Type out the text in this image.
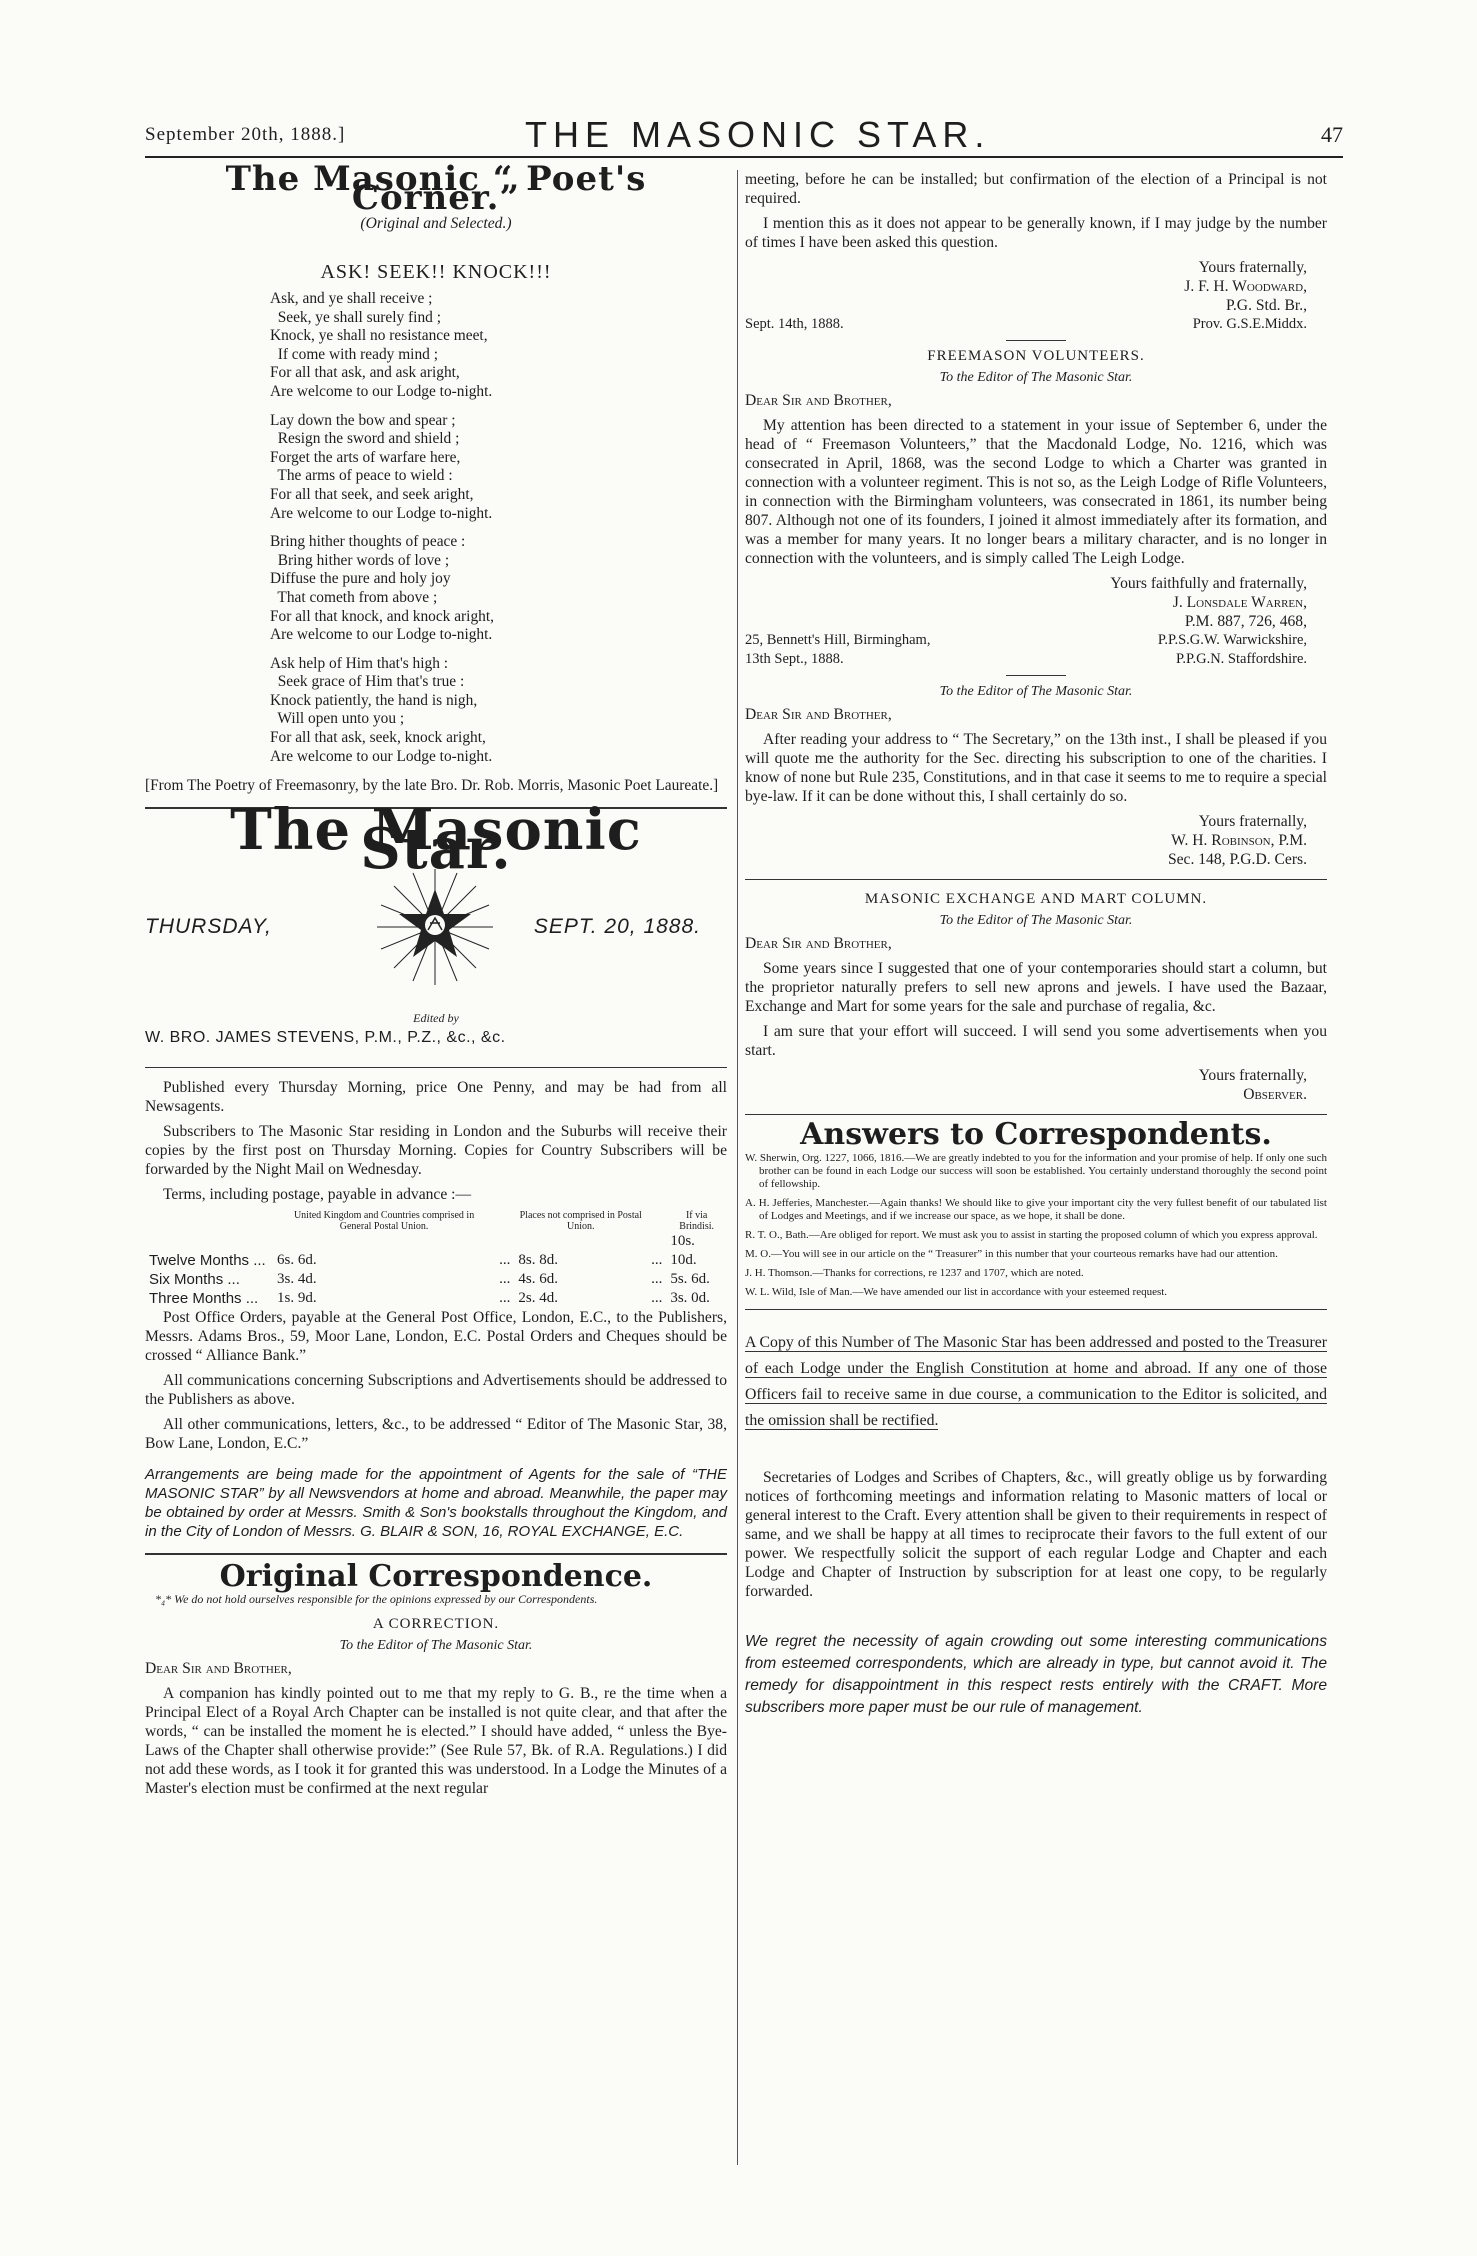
September 20th, 1888.]	THE MASONIC STAR.	47
The Masonic “ Poet's Corner.”
(Original and Selected.)
ASK! SEEK!! KNOCK!!!
Ask, and ye shall receive ;
Seek, ye shall surely find ;
Knock, ye shall no resistance meet,
If come with ready mind ;
For all that ask, and ask aright,
Are welcome to our Lodge to-night.
Lay down the bow and spear ;
Resign the sword and shield ;
Forget the arts of warfare here,
The arms of peace to wield :
For all that seek, and seek aright,
Are welcome to our Lodge to-night.
Bring hither thoughts of peace :
Bring hither words of love ;
Diffuse the pure and holy joy
That cometh from above ;
For all that knock, and knock aright,
Are welcome to our Lodge to-night.
Ask help of Him that's high :
Seek grace of Him that's true :
Knock patiently, the hand is nigh,
Will open unto you ;
For all that ask, seek, knock aright,
Are welcome to our Lodge to-night.

[From The Poetry of Freemasonry, by the late Bro. Dr. Rob. Morris, Masonic Poet Laureate.]

The Masonic Star.
THURSDAY,	SEPT. 20, 1888.
Edited by
W. BRO. JAMES STEVENS, P.M., P.Z., &c., &c.

Published every Thursday Morning, price One Penny, and may be had from all Newsagents.

Subscribers to The Masonic Star residing in London and the Suburbs will receive their copies by the first post on Thursday Morning. Copies for Country Subscribers will be forwarded by the Night Mail on Wednesday.

Terms, including postage, payable in advance :—

	United Kingdom and Countries comprised in General Postal Union.		Places not comprised in Postal Union.		If via Brindisi.
Twelve Months ...	6s. 6d.	...	8s. 8d.	...	10s. 10d.
Six Months ...	3s. 4d.	...	4s. 6d.	...	5s. 6d.
Three Months ...	1s. 9d.	...	2s. 4d.	...	3s. 0d.

Post Office Orders, payable at the General Post Office, London, E.C., to the Publishers, Messrs. Adams Bros., 59, Moor Lane, London, E.C. Postal Orders and Cheques should be crossed “ Alliance Bank.”

All communications concerning Subscriptions and Advertisements should be addressed to the Publishers as above.

All other communications, letters, &c., to be addressed “ Editor of The Masonic Star, 38, Bow Lane, London, E.C.”

Arrangements are being made for the appointment of Agents for the sale of “THE MASONIC STAR” by all Newsvendors at home and abroad. Meanwhile, the paper may be obtained by order at Messrs. Smith & Son's bookstalls throughout the Kingdom, and in the City of London of Messrs. G. BLAIR & SON, 16, ROYAL EXCHANGE, E.C.
Original Correspondence.

*₄* We do not hold ourselves responsible for the opinions expressed by our Correspondents.

A CORRECTION.
To the Editor of The Masonic Star.

Dear Sir and Brother,

A companion has kindly pointed out to me that my reply to G. B., re the time when a Principal Elect of a Royal Arch Chapter can be installed is not quite clear, and that after the words, “ can be installed the moment he is elected.” I should have added, “ unless the Bye-Laws of the Chapter shall otherwise provide:” (See Rule 57, Bk. of R.A. Regulations.) I did not add these words, as I took it for granted this was understood. In a Lodge the Minutes of a Master's election must be confirmed at the next regular

meeting, before he can be installed; but confirmation of the election of a Principal is not required.

I mention this as it does not appear to be generally known, if I may judge by the number of times I have been asked this question.

Yours fraternally,

J. F. H. Woodward,

P.G. Std. Br.,

Sept. 14th, 1888.	Prov. G.S.E.Middx.
FREEMASON VOLUNTEERS.
To the Editor of The Masonic Star.

Dear Sir and Brother,

My attention has been directed to a statement in your issue of September 6, under the head of “ Freemason Volunteers,” that the Macdonald Lodge, No. 1216, which was consecrated in April, 1868, was the second Lodge to which a Charter was granted in connection with a volunteer regiment. This is not so, as the Leigh Lodge of Rifle Volunteers, in connection with the Birmingham volunteers, was consecrated in 1861, its number being 807. Although not one of its founders, I joined it almost immediately after its formation, and was a member for many years. It no longer bears a military character, and is no longer in connection with the volunteers, and is simply called The Leigh Lodge.

Yours faithfully and fraternally,

J. Lonsdale Warren,

P.M. 887, 726, 468,

25, Bennett's Hill, Birmingham,	P.P.S.G.W. Warwickshire,
13th Sept., 1888.	P.P.G.N. Staffordshire.
To the Editor of The Masonic Star.

Dear Sir and Brother,

After reading your address to “ The Secretary,” on the 13th inst., I shall be pleased if you will quote me the authority for the Sec. directing his subscription to one of the charities. I know of none but Rule 235, Constitutions, and in that case it seems to me to require a special bye-law. If it can be done without this, I shall certainly do so.

Yours fraternally,

W. H. Robinson, P.M.

Sec. 148, P.G.D. Cers.

MASONIC EXCHANGE AND MART COLUMN.
To the Editor of The Masonic Star.

Dear Sir and Brother,

Some years since I suggested that one of your contemporaries should start a column, but the proprietor naturally prefers to sell new aprons and jewels. I have used the Bazaar, Exchange and Mart for some years for the sale and purchase of regalia, &c.

I am sure that your effort will succeed. I will send you some advertisements when you start.

Yours fraternally,

Observer.

Answers to Correspondents.
W. Sherwin, Org. 1227, 1066, 1816.—We are greatly indebted to you for the information and your promise of help. If only one such brother can be found in each Lodge our success will soon be established. You certainly understand thoroughly the second point of fellowship.
A. H. Jefferies, Manchester.—Again thanks! We should like to give your important city the very fullest benefit of our tabulated list of Lodges and Meetings, and if we increase our space, as we hope, it shall be done.
R. T. O., Bath.—Are obliged for report. We must ask you to assist in starting the proposed column of which you express approval.
M. O.—You will see in our article on the “ Treasurer” in this number that your courteous remarks have had our attention.
J. H. Thomson.—Thanks for corrections, re 1237 and 1707, which are noted.
W. L. Wild, Isle of Man.—We have amended our list in accordance with your esteemed request.

A Copy of this Number of The Masonic Star has been addressed and posted to the Treasurer of each Lodge under the English Constitution at home and abroad. If any one of those Officers fail to receive same in due course, a communication to the Editor is solicited, and the omission shall be rectified.

Secretaries of Lodges and Scribes of Chapters, &c., will greatly oblige us by forwarding notices of forthcoming meetings and information relating to Masonic matters of local or general interest to the Craft. Every attention shall be given to their requirements in respect of same, and we shall be happy at all times to reciprocate their favors to the full extent of our power. We respectfully solicit the support of each regular Lodge and Chapter and each Lodge and Chapter of Instruction by subscription for at least one copy, to be regularly forwarded.

We regret the necessity of again crowding out some interesting communications from esteemed correspondents, which are already in type, but cannot avoid it. The remedy for disappointment in this respect rests entirely with the CRAFT. More subscribers more paper must be our rule of management.
